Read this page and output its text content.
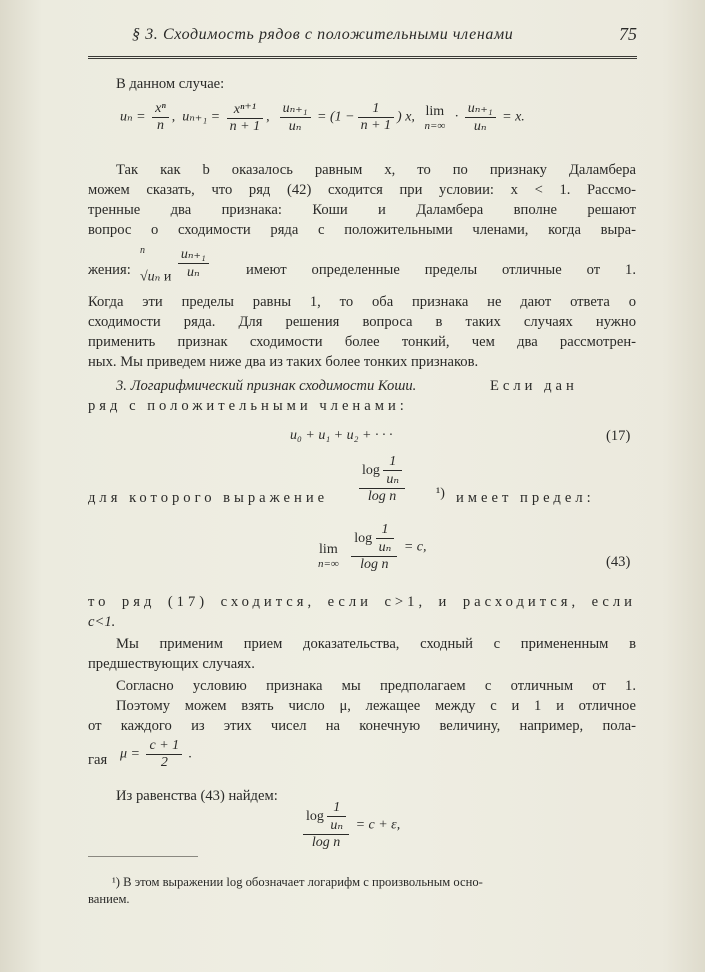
§ 3. Сходимость рядов с положительными членами	75
В данном случае:
$u_n = \frac{\text{xⁿ}}{n}$ , $u_{n+1} = \frac{\text{xⁿ⁺¹}}{n + 1}$ , $\frac{\text{uₙ₊₁}}{\text{uₙ}} = (1 - \frac{1}{n + 1}$ ) x, lim
n=∞
· $\frac{\text{uₙ₊₁}}{\text{uₙ}} = x$.
Так как b оказалось равным x, то по признаку Даламбера
можем сказать, что ряд (42) сходится при условии: x < 1. Рассмо-
тренные два признака: Коши и Даламбера вполне решают
вопрос о сходимости ряда с положительными членами, когда выра-
жения:
n
√uₙ и $\frac{\text{uₙ₊₁}}{\text{uₙ}}$	имеют определенные пределы отличные от 1.
Когда эти пределы равны 1, то оба признака не дают ответа о
сходимости ряда. Для решения вопроса в таких случаях нужно
применить признак сходимости более тонкий, чем два рассмотрен-
ных. Мы приведем ниже два из таких более тонких признаков.
3. Логарифмический признак сходимости Коши.	Если дан
ряд с положительными членами:
u₀ + u₁ + u₂ + · · ·	(17)
для которого выражение $\frac{\log \frac{1}{\text{uₙ}}}{\text{log n}} ^1$) имеет предел:

lim
n=∞
$\frac{\log \frac{1}{\text{uₙ}}}{\text{log n}} = c$,
(43)
то ряд (17) сходится, если c>1, и расходится, если
c<1.
Мы применим прием доказательства, сходный с примененным в
предшествующих случаях.
Согласно условию признака мы предполагаем c отличным от 1.
Поэтому можем взять число μ, лежащее между c и 1 и отличное
от каждого из этих чисел на конечную величину, например, пола-
гая $\mu = \frac{c + 1}{2}$ .
Из равенства (43) найдем:
$\frac{\log \frac{1}{\text{uₙ}}}{\text{log n}} = c + \varepsilon$,
¹) В этом выражении log обозначает логарифм с произвольным осно-
ванием.
